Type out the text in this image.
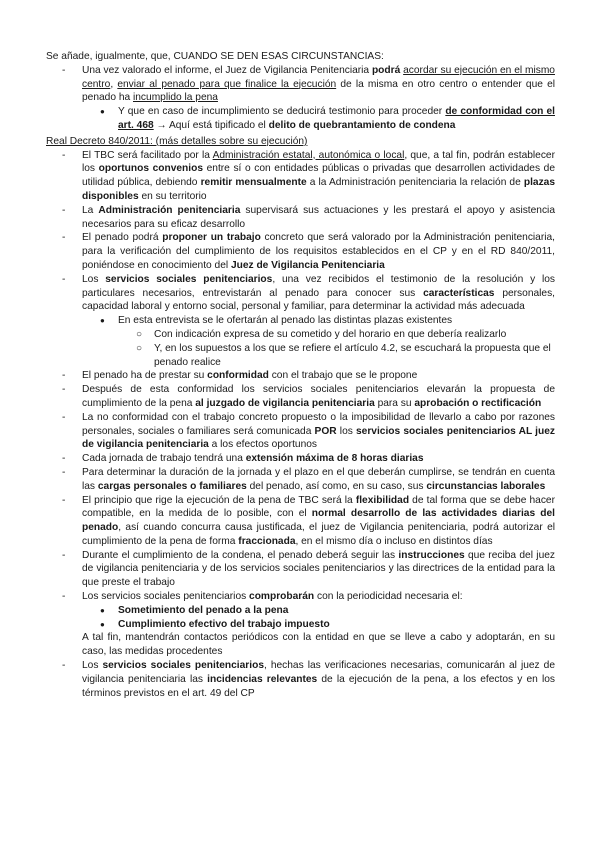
Se añade, igualmente, que, CUANDO SE DEN ESAS CIRCUNSTANCIAS:

- Una vez valorado el informe, el Juez de Vigilancia Penitenciaria podrá acordar su ejecución en el mismo centro, enviar al penado para que finalice la ejecución de la misma en otro centro o entender que el penado ha incumplido la pena

● Y que en caso de incumplimiento se deducirá testimonio para proceder de conformidad con el art. 468 → Aquí está tipificado el delito de quebrantamiento de condena

Real Decreto 840/2011: (más detalles sobre su ejecución)

- El TBC será facilitado por la Administración estatal, autonómica o local, que, a tal fin, podrán establecer los oportunos convenios entre sí o con entidades públicas o privadas que desarrollen actividades de utilidad pública, debiendo remitir mensualmente a la Administración penitenciaria la relación de plazas disponibles en su territorio

- La Administración penitenciaria supervisará sus actuaciones y les prestará el apoyo y asistencia necesarios para su eficaz desarrollo

- El penado podrá proponer un trabajo concreto que será valorado por la Administración penitenciaria, para la verificación del cumplimiento de los requisitos establecidos en el CP y en el RD 840/2011, poniéndose en conocimiento del Juez de Vigilancia Penitenciaria

- Los servicios sociales penitenciarios, una vez recibidos el testimonio de la resolución y los particulares necesarios, entrevistarán al penado para conocer sus características personales, capacidad laboral y entorno social, personal y familiar, para determinar la actividad más adecuada

● En esta entrevista se le ofertarán al penado las distintas plazas existentes

○ Con indicación expresa de su cometido y del horario en que debería realizarlo

○ Y, en los supuestos a los que se refiere el artículo 4.2, se escuchará la propuesta que el penado realice

- El penado ha de prestar su conformidad con el trabajo que se le propone

- Después de esta conformidad los servicios sociales penitenciarios elevarán la propuesta de cumplimiento de la pena al juzgado de vigilancia penitenciaria para su aprobación o rectificación

- La no conformidad con el trabajo concreto propuesto o la imposibilidad de llevarlo a cabo por razones personales, sociales o familiares será comunicada POR los servicios sociales penitenciarios AL juez de vigilancia penitenciaria a los efectos oportunos

- Cada jornada de trabajo tendrá una extensión máxima de 8 horas diarias

- Para determinar la duración de la jornada y el plazo en el que deberán cumplirse, se tendrán en cuenta las cargas personales o familiares del penado, así como, en su caso, sus circunstancias laborales

- El principio que rige la ejecución de la pena de TBC será la flexibilidad de tal forma que se debe hacer compatible, en la medida de lo posible, con el normal desarrollo de las actividades diarias del penado, así cuando concurra causa justificada, el juez de Vigilancia penitenciaria, podrá autorizar el cumplimiento de la pena de forma fraccionada, en el mismo día o incluso en distintos días

- Durante el cumplimiento de la condena, el penado deberá seguir las instrucciones que reciba del juez de vigilancia penitenciaria y de los servicios sociales penitenciarios y las directrices de la entidad para la que preste el trabajo

- Los servicios sociales penitenciarios comprobarán con la periodicidad necesaria el:

● Sometimiento del penado a la pena

● Cumplimiento efectivo del trabajo impuesto

A tal fin, mantendrán contactos periódicos con la entidad en que se lleve a cabo y adoptarán, en su caso, las medidas procedentes

- Los servicios sociales penitenciarios, hechas las verificaciones necesarias, comunicarán al juez de vigilancia penitenciaria las incidencias relevantes de la ejecución de la pena, a los efectos y en los términos previstos en el art. 49 del CP
